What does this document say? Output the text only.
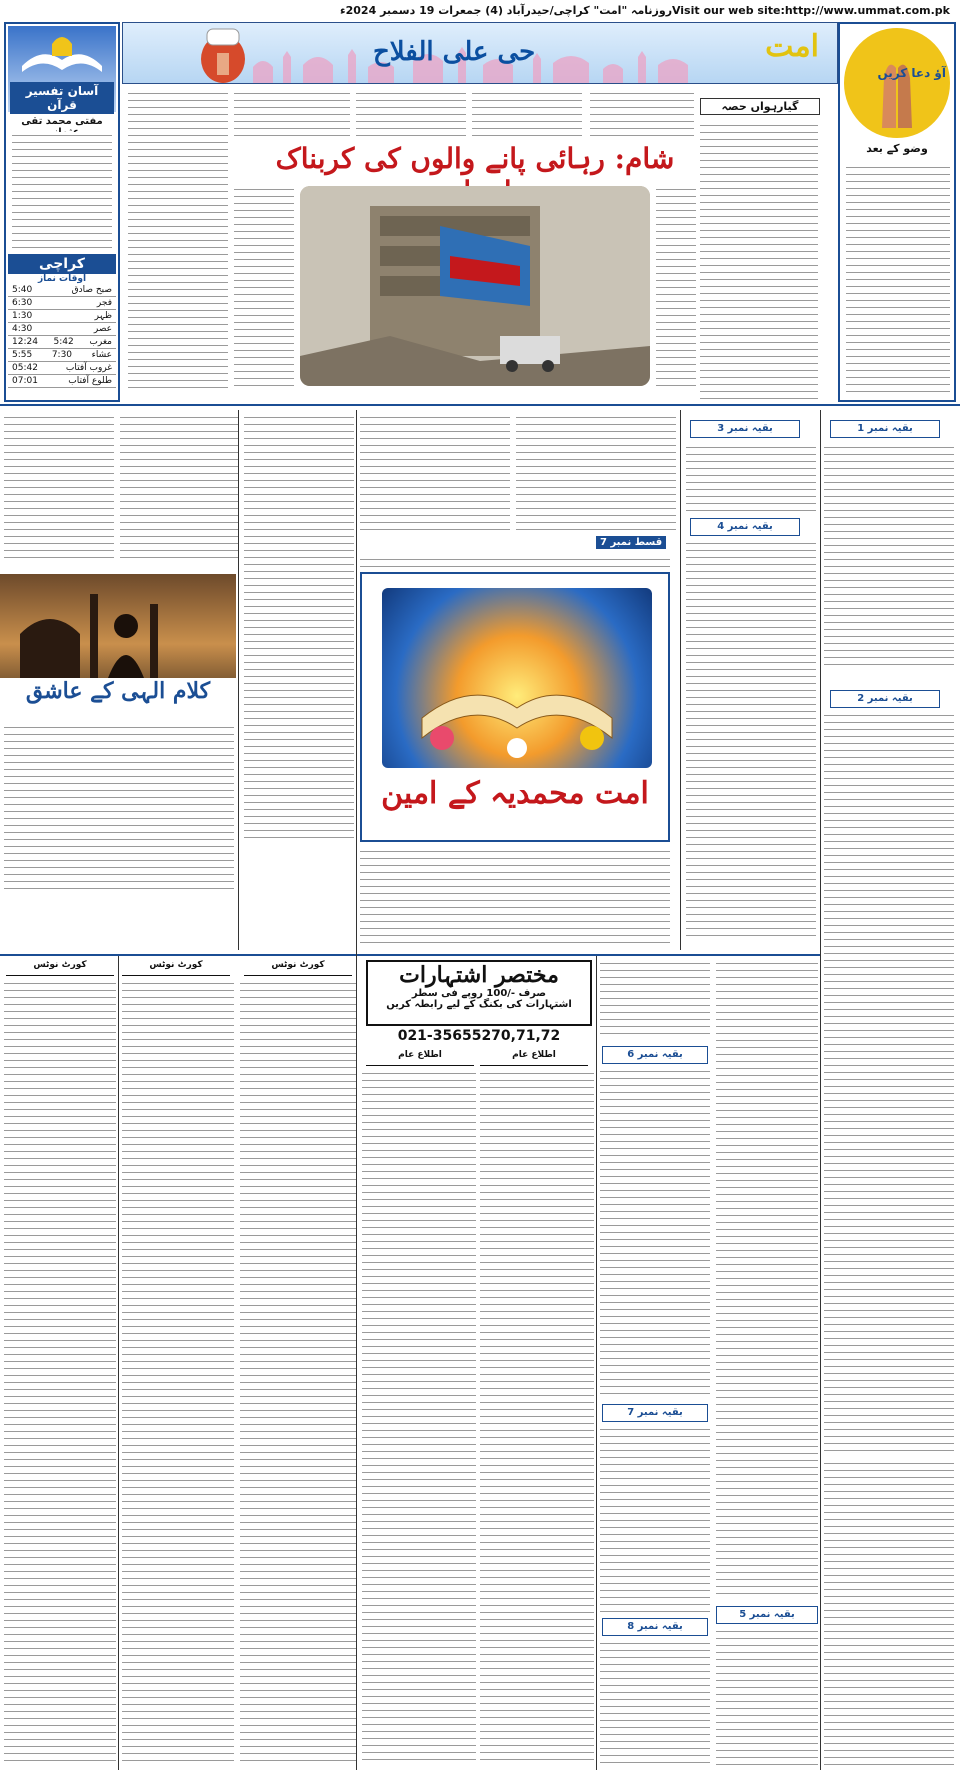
روزنامہ "امت" کراچی/حیدرآباد (4) جمعرات 19 دسمبر 2024ء Visit our web site:http://www.ummat.com.pk
حی علی الفلاح	امت
آسان تفسیر قرآن
مفتی محمد تقی
کراچی
اوقات نماز
5:40	صبح صادق
6:30	فجر
1:30	ظہر
4:30	عصر
12:24 5:42 مغرب
5:55 7:30 عشاء
05:42	غروب آفتاب
07:01	طلوع آفتاب
وضو کے بعد
آؤ دعا کریں
گیارہواں حصہ
شام: رہائی پانے والوں کی کربناک
کلام الہی کے عاشق
قسط نمبر 7
امت محمدیہ کے امین
بقیہ نمبر 3	بقیہ نمبر 1
بقیہ نمبر 4
بقیہ نمبر 2
کورٹ نوٹس	کورٹ نوٹس	کورٹ نوٹس	مختصر اشتہارات
صرف -/100 روپے فی سطر
اشتہارات کی بکنگ کے لیے رابطہ کریں
021-35655270,71,72
اطلاع عام
اطلاع عام	بقیہ نمبر 6
بقیہ نمبر 7
بقیہ نمبر 8
بقیہ نمبر 5
